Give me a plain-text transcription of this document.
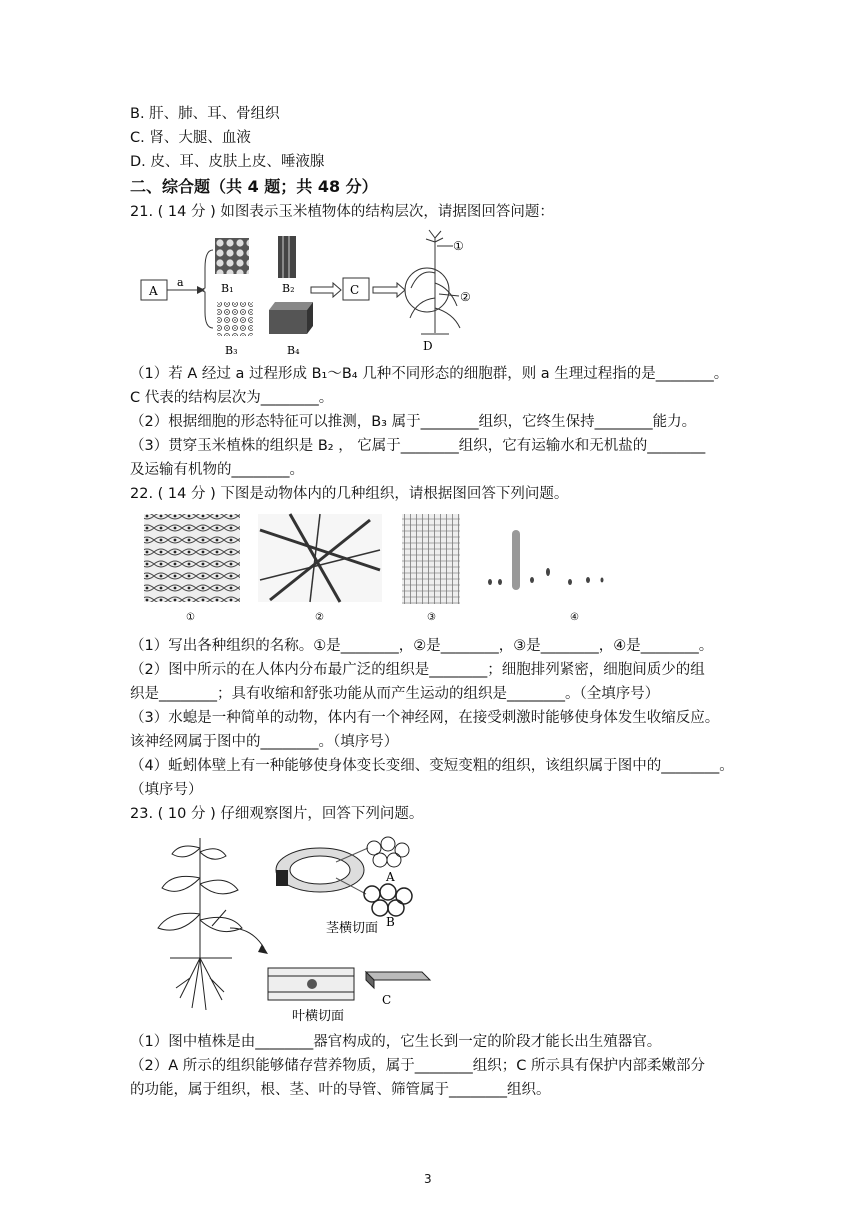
B. 肝、肺、耳、骨组织
C. 肾、大腿、血液
D. 皮、耳、皮肤上皮、唾液腺
二、综合题（共 4 题；共 48 分）
21. ( 14 分 ) 如图表示玉米植物体的结构层次，请据图回答问题：
A
a	B₁	B₂
B₃	B₄
C
①
②
D
（1）若 A 经过 a 过程形成 B₁～B₄ 几种不同形态的细胞群，则 a 生理过程指的是________。
C 代表的结构层次为________。
（2）根据细胞的形态特征可以推测，B₃ 属于________组织，它终生保持________能力。
（3）贯穿玉米植株的组织是 B₂ ， 它属于________组织，它有运输水和无机盐的________
及运输有机物的________。
22. ( 14 分 ) 下图是动物体内的几种组织，请根据图回答下列问题。
①	②	③	④
（1）写出各种组织的名称。①是________，②是________，③是________，④是________。
（2）图中所示的在人体内分布最广泛的组织是________；细胞排列紧密，细胞间质少的组
织是________；具有收缩和舒张功能从而产生运动的组织是________。（全填序号）
（3）水螅是一种简单的动物，体内有一个神经网，在接受刺激时能够使身体发生收缩反应。
该神经网属于图中的________。（填序号）
（4）蚯蚓体壁上有一种能够使身体变长变细、变短变粗的组织，该组织属于图中的________。
（填序号）
23. ( 10 分 ) 仔细观察图片，回答下列问题。
A
B
茎横切面
C
叶横切面
（1）图中植株是由________器官构成的，它生长到一定的阶段才能长出生殖器官。
（2）A 所示的组织能够储存营养物质，属于________组织；C 所示具有保护内部柔嫩部分
的功能，属于组织，根、茎、叶的导管、筛管属于________组织。
3
